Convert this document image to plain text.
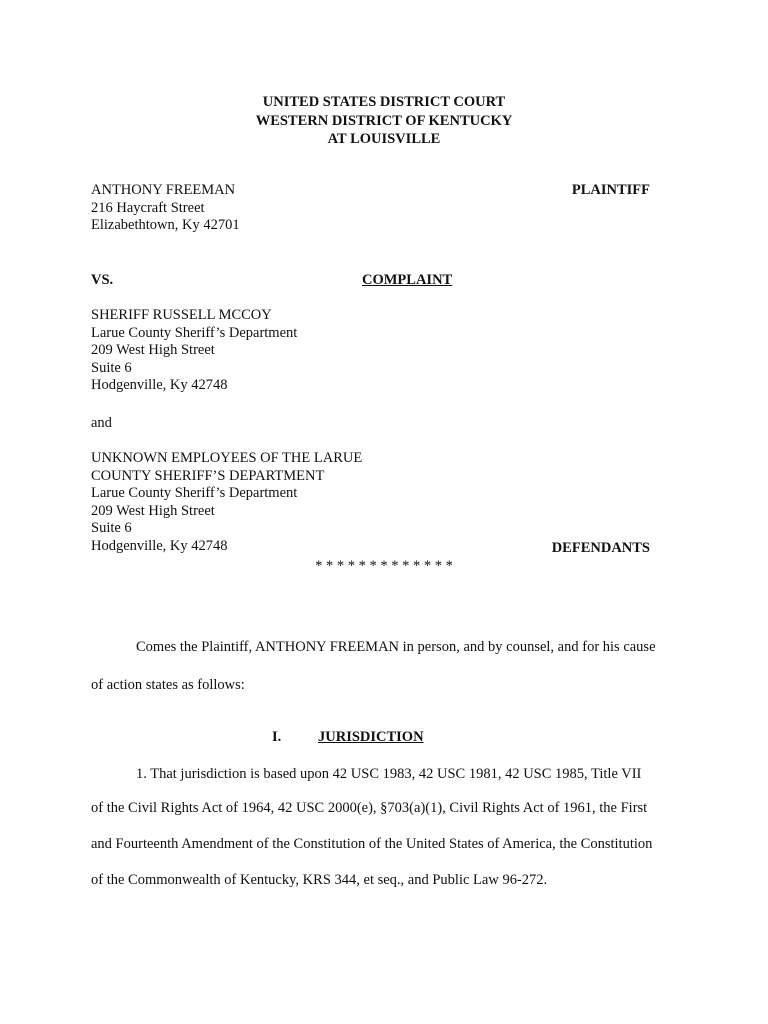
UNITED STATES DISTRICT COURT
WESTERN DISTRICT OF KENTUCKY
AT LOUISVILLE
ANTHONY FREEMAN
216 Haycraft Street
Elizabethtown, Ky 42701
PLAINTIFF
VS.	COMPLAINT
SHERIFF RUSSELL MCCOY
Larue County Sheriff’s Department
209 West High Street
Suite 6
Hodgenville, Ky 42748
and
UNKNOWN EMPLOYEES OF THE LARUE
COUNTY SHERIFF’S DEPARTMENT
Larue County Sheriff’s Department
209 West High Street
Suite 6
Hodgenville, Ky 42748	DEFENDANTS
* * * * * * * * * * * * *
Comes the Plaintiff, ANTHONY FREEMAN in person, and by counsel, and for his cause
of action states as follows:
I.	JURISDICTION
1. That jurisdiction is based upon 42 USC 1983, 42 USC 1981, 42 USC 1985, Title VII
of the Civil Rights Act of 1964, 42 USC 2000(e), §703(a)(1), Civil Rights Act of 1961, the First
and Fourteenth Amendment of the Constitution of the United States of America, the Constitution
of the Commonwealth of Kentucky, KRS 344, et seq., and Public Law 96-272.
